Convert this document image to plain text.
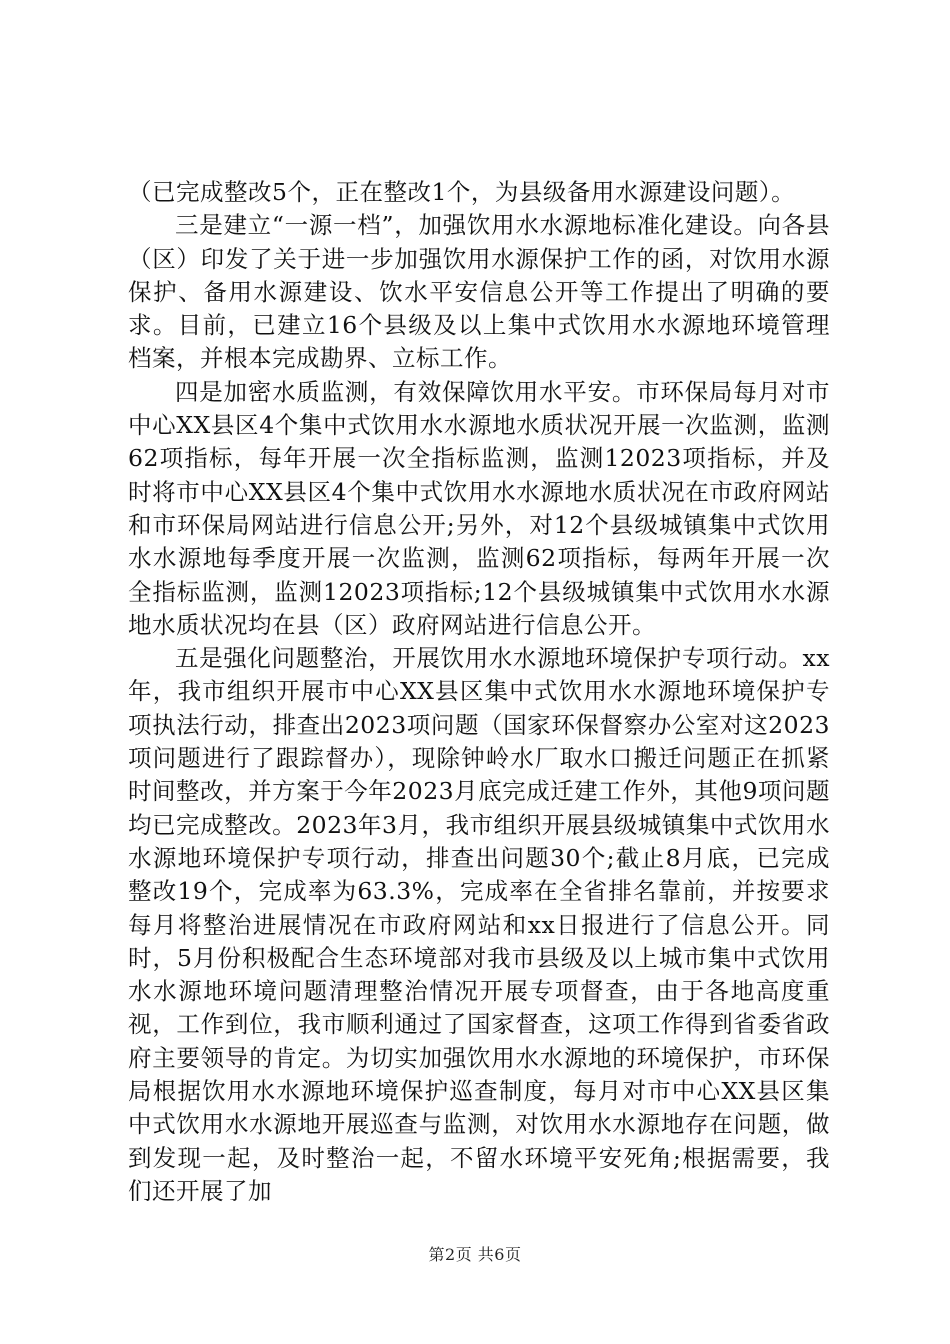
（已完成整改5个，正在整改1个，为县级备用水源建设问题）。

三是建立“一源一档”，加强饮用水水源地标准化建设。向各县（区）印发了关于进一步加强饮用水源保护工作的函，对饮用水源保护、备用水源建设、饮水平安信息公开等工作提出了明确的要求。目前，已建立16个县级及以上集中式饮用水水源地环境管理档案，并根本完成勘界、立标工作。

四是加密水质监测，有效保障饮用水平安。市环保局每月对市中心XX县区4个集中式饮用水水源地水质状况开展一次监测，监测62项指标，每年开展一次全指标监测，监测12023项指标，并及时将市中心XX县区4个集中式饮用水水源地水质状况在市政府网站和市环保局网站进行信息公开;另外，对12个县级城镇集中式饮用水水源地每季度开展一次监测，监测62项指标，每两年开展一次全指标监测，监测12023项指标;12个县级城镇集中式饮用水水源地水质状况均在县（区）政府网站进行信息公开。

五是强化问题整治，开展饮用水水源地环境保护专项行动。xx年，我市组织开展市中心XX县区集中式饮用水水源地环境保护专项执法行动，排查出2023项问题（国家环保督察办公室对这2023项问题进行了跟踪督办），现除钟岭水厂取水口搬迁问题正在抓紧时间整改，并方案于今年2023月底完成迁建工作外，其他9项问题均已完成整改。2023年3月，我市组织开展县级城镇集中式饮用水水源地环境保护专项行动，排查出问题30个;截止8月底，已完成整改19个，完成率为63.3%，完成率在全省排名靠前，并按要求每月将整治进展情况在市政府网站和xx日报进行了信息公开。同时，5月份积极配合生态环境部对我市县级及以上城市集中式饮用水水源地环境问题清理整治情况开展专项督查，由于各地高度重视，工作到位，我市顺利通过了国家督查，这项工作得到省委省政府主要领导的肯定。为切实加强饮用水水源地的环境保护，市环保局根据饮用水水源地环境保护巡查制度，每月对市中心XX县区集中式饮用水水源地开展巡查与监测，对饮用水水源地存在问题，做到发现一起，及时整治一起，不留水环境平安死角;根据需要，我们还开展了加

第2页 共6页
